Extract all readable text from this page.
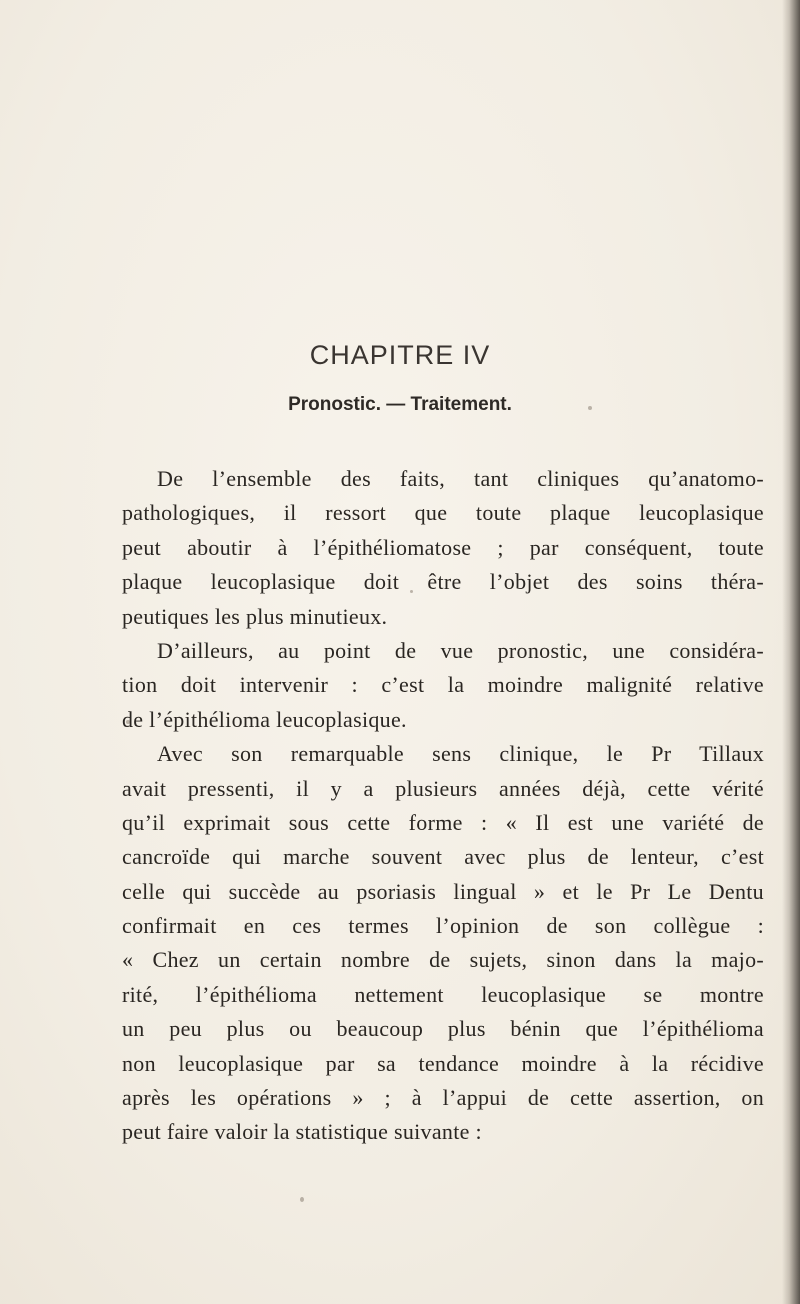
CHAPITRE IV
Pronostic. — Traitement.
De l’ensemble des faits, tant cliniques qu’anatomo-
pathologiques, il ressort que toute plaque leucoplasique
peut aboutir à l’épithéliomatose ; par conséquent, toute
plaque leucoplasique doit être l’objet des soins théra-
peutiques les plus minutieux.
D’ailleurs, au point de vue pronostic, une considéra-
tion doit intervenir : c’est la moindre malignité relative
de l’épithélioma leucoplasique.
Avec son remarquable sens clinique, le Pr Tillaux
avait pressenti, il y a plusieurs années déjà, cette vérité
qu’il exprimait sous cette forme : « Il est une variété de
cancroïde qui marche souvent avec plus de lenteur, c’est
celle qui succède au psoriasis lingual » et le Pr Le Dentu
confirmait en ces termes l’opinion de son collègue :
« Chez un certain nombre de sujets, sinon dans la majo-
rité, l’épithélioma nettement leucoplasique se montre
un peu plus ou beaucoup plus bénin que l’épithélioma
non leucoplasique par sa tendance moindre à la récidive
après les opérations » ; à l’appui de cette assertion, on
peut faire valoir la statistique suivante :
